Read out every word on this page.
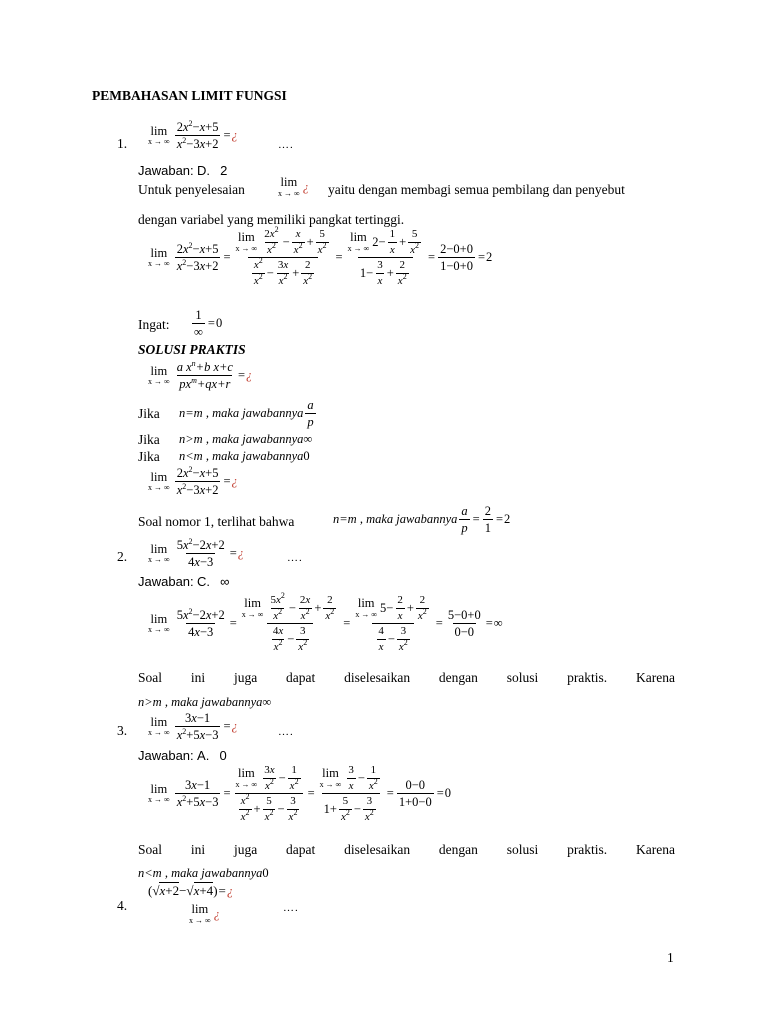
PEMBAHASAN LIMIT FUNGSI
1.
lim
x → ∞ $\frac{2x^2-x+5}{x^2-3x+2}$ = ¿
….
Jawaban: D. 2
Untuk penyelesaian	lim
x → ∞ ¿ yaitu dengan membagi semua pembilang dan penyebut
dengan variabel yang memiliki pangkat tertinggi.
lim
x → ∞ $\frac{2x^2-x+5}{x^2-3x+2} = \lim$
x → ∞
$2x^2$
$x^2$ −
x
$x^2$ +
5
$x^2$
$x^2$
$x^2$ −
3x
$x^2$ +
2
$x^2 = \lim$
x → ∞ 2−
1
x
+
5
$x^2$
1−
3
x
+
2
$x^2 = \frac{2-0+0}{1-0+0} = 2$
Ingat:
1
∞
= 0
SOLUSI PRAKTIS
lim
x → ∞
a $x^n+b$ x+c
$px^m+qx+r$
= ¿
Jika n=m , maka jawabannya
a
p
Jika n>m , maka jawabannya ∞
Jika n<m , maka jawabannya 0
lim
x → ∞ $\frac{2x^2-x+5}{x^2-3x+2}$ = ¿
Soal nomor 1, terlihat bahwa	n=m , maka jawabannya $\frac{a}{p} = \frac{2}{1} = 2$
2.
lim
x → ∞ $\frac{5x^2-2x+2}{4x-3}$ = ¿	….
Jawaban: C. ∞
lim
x → ∞ $\frac{5x^2-2x+2}{4x-3} = \lim$
x → ∞
$5x^2$
$x^2$ −
2x
$x^2$ +
2
$x^2$
4x
$x^2$ −
3
$x^2 = \lim$
x → ∞ 5−
2
x
+
2
$x^2$
4
x
−
3
$x^2 = \frac{5-0+0}{0-0}$ = ∞
Soal ini juga dapat diselesaikan dengan solusi praktis. Karena
n>m , maka jawabannya ∞
3.
lim
x → ∞ $\frac{3x-1}{x^2+5x-3}$ = ¿	….
Jawaban: A. 0
lim
x → ∞ $\frac{3x-1}{x^2+5x-3} = \lim$
x → ∞
3x
$x^2$ −
1
$x^2$
$x^2$
$x^2$ +
5
$x^2$ −
3
$x^2 = \lim$
x → ∞
3
x
−
1
$x^2$
1+
5
$x^2$ −
3
$x^2 = \frac{0-0}{1+0-0} = 0$
Soal ini juga dapat diselesaikan dengan solusi praktis. Karena
n<m , maka jawabannya 0
(√ x+2 −√ x+4 ) = ¿
4.	lim
x → ∞ ¿	….
1
